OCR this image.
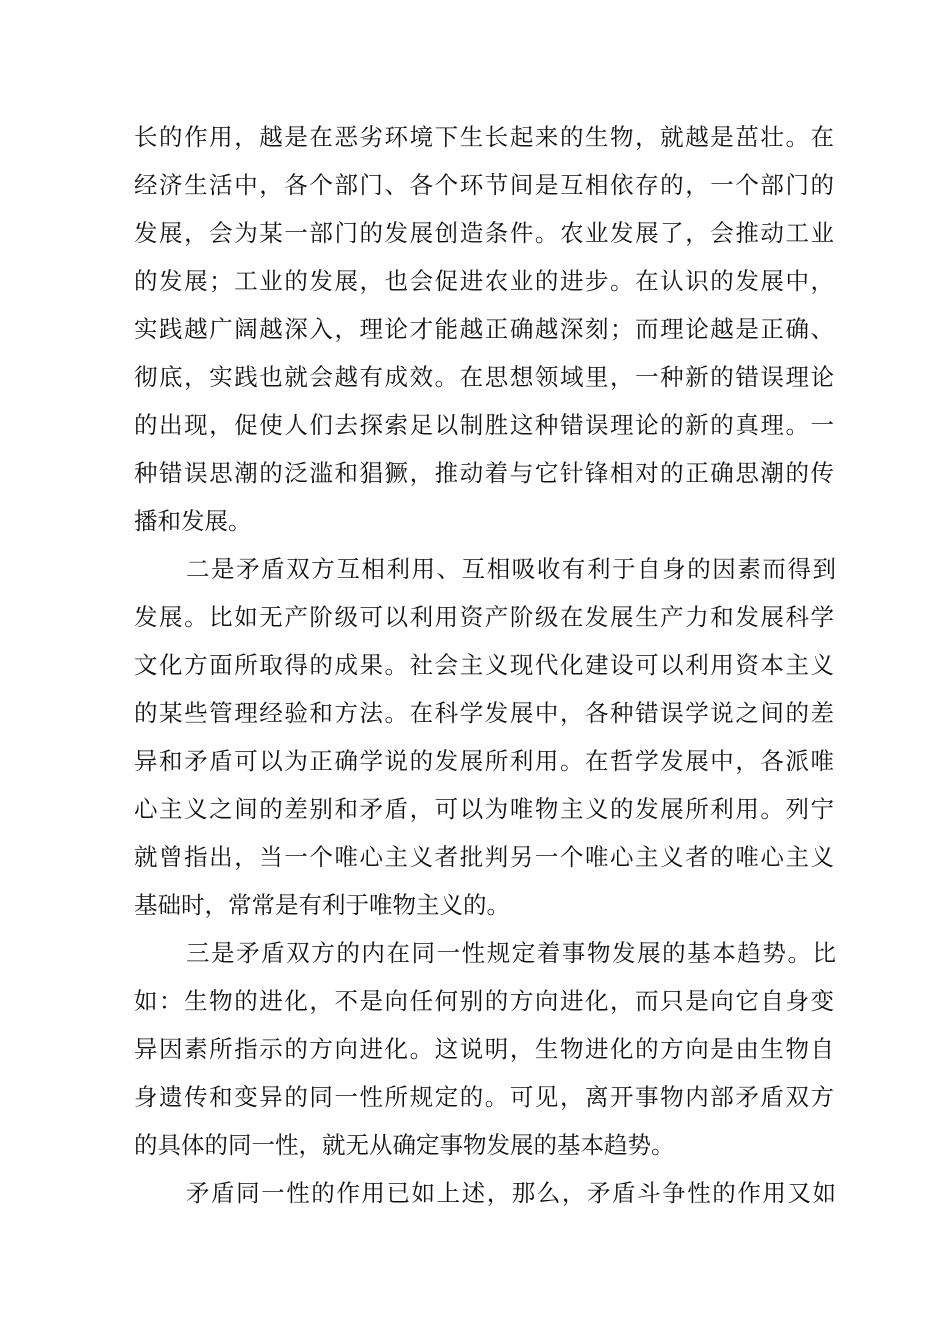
长的作用，越是在恶劣环境下生长起来的生物，就越是茁壮。在
经济生活中，各个部门、各个环节间是互相依存的，一个部门的
发展，会为某一部门的发展创造条件。农业发展了，会推动工业
的发展；工业的发展，也会促进农业的进步。在认识的发展中，
实践越广阔越深入，理论才能越正确越深刻；而理论越是正确、
彻底，实践也就会越有成效。在思想领域里，一种新的错误理论
的出现，促使人们去探索足以制胜这种错误理论的新的真理。一
种错误思潮的泛滥和猖獗，推动着与它针锋相对的正确思潮的传
播和发展。
二是矛盾双方互相利用、互相吸收有利于自身的因素而得到
发展。比如无产阶级可以利用资产阶级在发展生产力和发展科学
文化方面所取得的成果。社会主义现代化建设可以利用资本主义
的某些管理经验和方法。在科学发展中，各种错误学说之间的差
异和矛盾可以为正确学说的发展所利用。在哲学发展中，各派唯
心主义之间的差别和矛盾，可以为唯物主义的发展所利用。列宁
就曾指出，当一个唯心主义者批判另一个唯心主义者的唯心主义
基础时，常常是有利于唯物主义的。
三是矛盾双方的内在同一性规定着事物发展的基本趋势。比
如：生物的进化，不是向任何别的方向进化，而只是向它自身变
异因素所指示的方向进化。这说明，生物进化的方向是由生物自
身遗传和变异的同一性所规定的。可见，离开事物内部矛盾双方
的具体的同一性，就无从确定事物发展的基本趋势。
矛盾同一性的作用已如上述，那么，矛盾斗争性的作用又如
